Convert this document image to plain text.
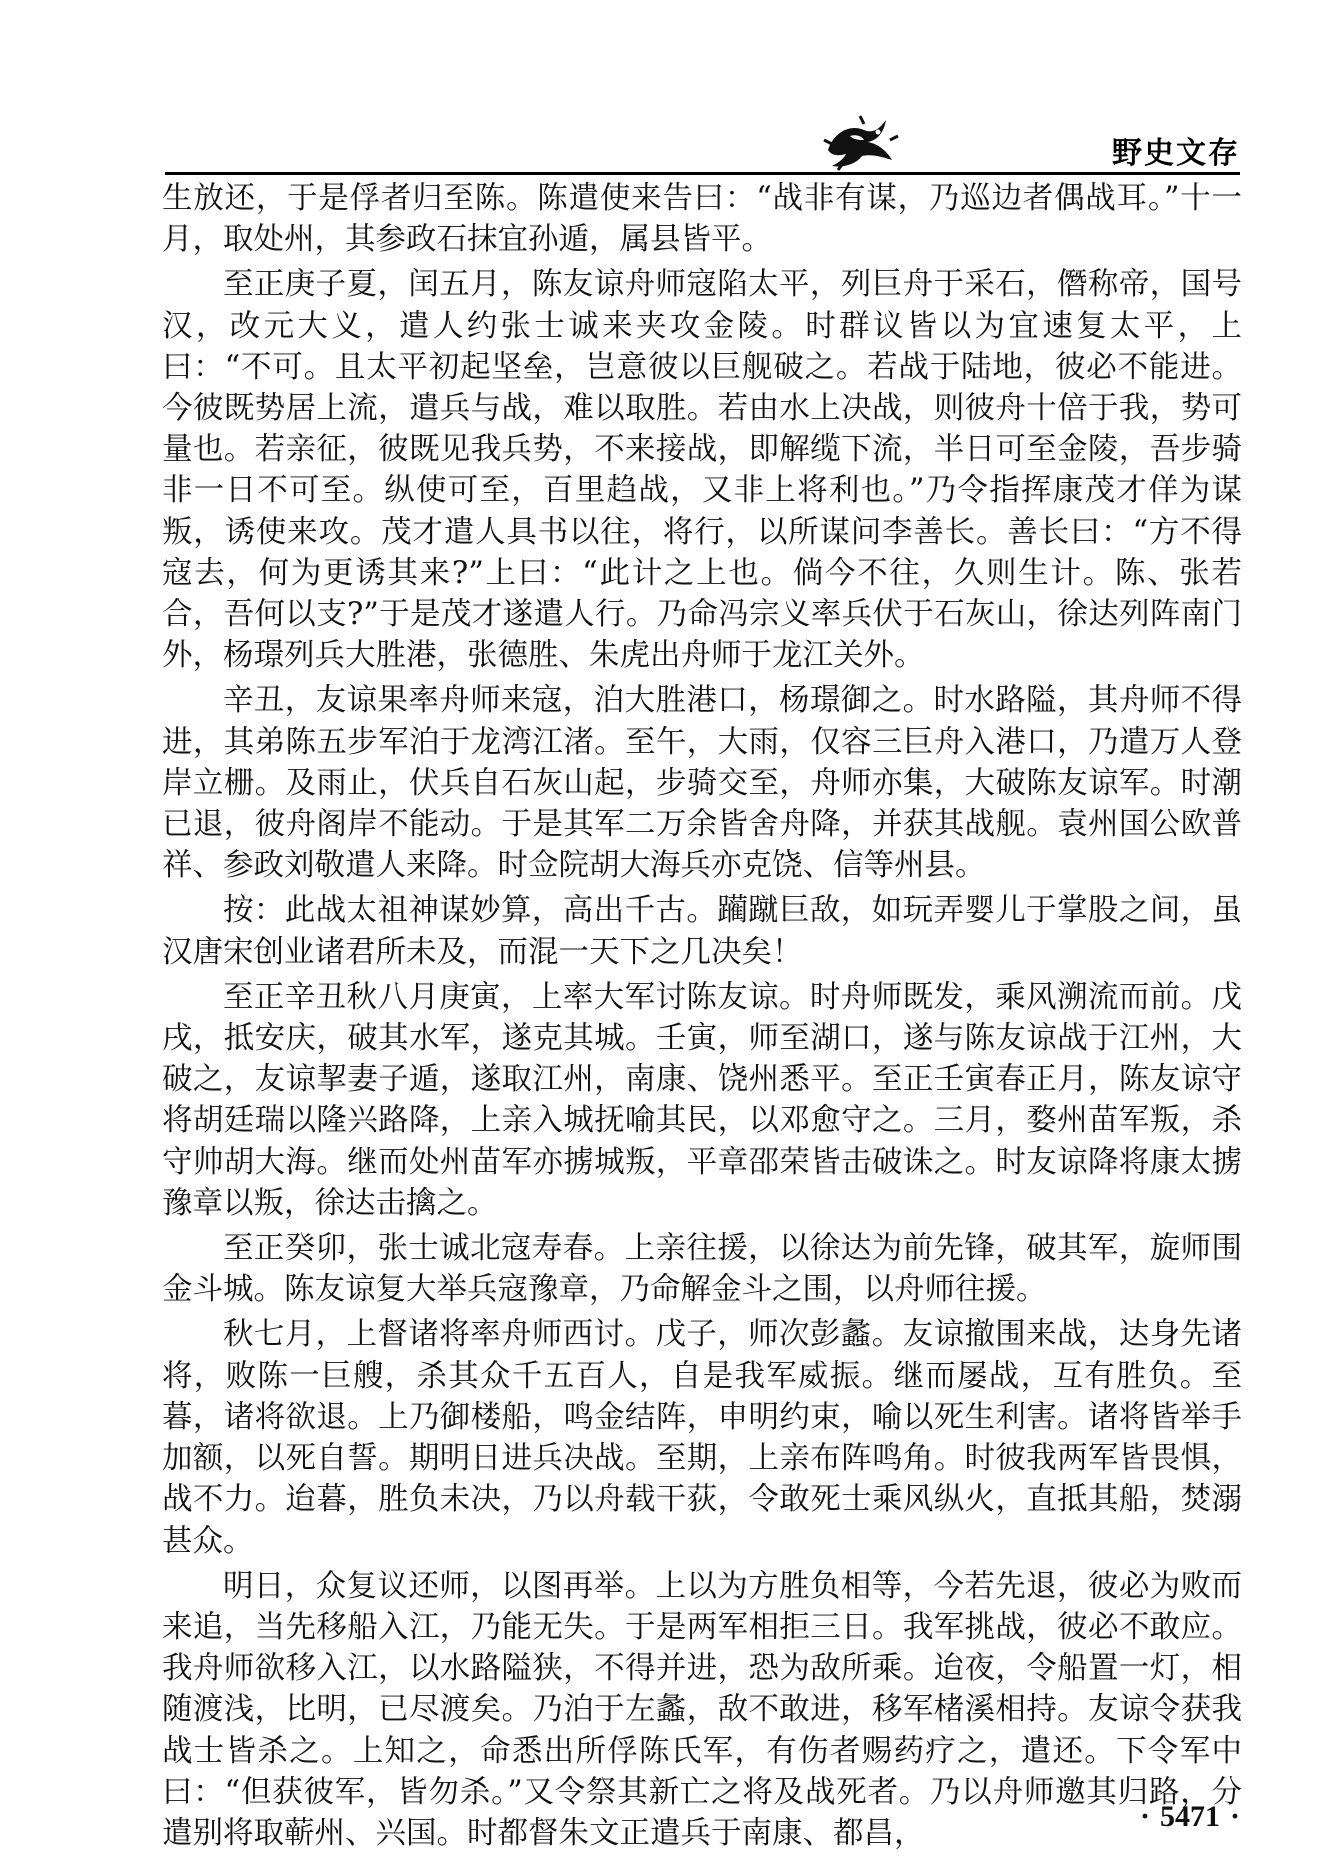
野史文存

生放还，于是俘者归至陈。陈遣使来告曰：“战非有谋，乃巡边者偶战耳。”十一月，取处州，其参政石抹宜孙遁，属县皆平。

至正庚子夏，闰五月，陈友谅舟师寇陷太平，列巨舟于采石，僭称帝，国号汉，改元大义，遣人约张士诚来夹攻金陵。时群议皆以为宜速复太平，上曰：“不可。且太平初起坚垒，岂意彼以巨舰破之。若战于陆地，彼必不能进。今彼既势居上流，遣兵与战，难以取胜。若由水上决战，则彼舟十倍于我，势可量也。若亲征，彼既见我兵势，不来接战，即解缆下流，半日可至金陵，吾步骑非一日不可至。纵使可至，百里趋战，又非上将利也。”乃令指挥康茂才佯为谋叛，诱使来攻。茂才遣人具书以往，将行，以所谋问李善长。善长曰：“方不得寇去，何为更诱其来?”上曰：“此计之上也。倘今不往，久则生计。陈、张若合，吾何以支?”于是茂才遂遣人行。乃命冯宗义率兵伏于石灰山，徐达列阵南门外，杨璟列兵大胜港，张德胜、朱虎出舟师于龙江关外。

辛丑，友谅果率舟师来寇，泊大胜港口，杨璟御之。时水路隘，其舟师不得进，其弟陈五步军泊于龙湾江渚。至午，大雨，仅容三巨舟入港口，乃遣万人登岸立栅。及雨止，伏兵自石灰山起，步骑交至，舟师亦集，大破陈友谅军。时潮已退，彼舟阁岸不能动。于是其军二万余皆舍舟降，并获其战舰。袁州国公欧普祥、参政刘敬遣人来降。时佥院胡大海兵亦克饶、信等州县。

按：此战太祖神谋妙算，高出千古。躏蹴巨敌，如玩弄婴儿于掌股之间，虽汉唐宋创业诸君所未及，而混一天下之几决矣！

至正辛丑秋八月庚寅，上率大军讨陈友谅。时舟师既发，乘风溯流而前。戊戌，抵安庆，破其水军，遂克其城。壬寅，师至湖口，遂与陈友谅战于江州，大破之，友谅挈妻子遁，遂取江州，南康、饶州悉平。至正壬寅春正月，陈友谅守将胡廷瑞以隆兴路降，上亲入城抚喻其民，以邓愈守之。三月，婺州苗军叛，杀守帅胡大海。继而处州苗军亦掳城叛，平章邵荣皆击破诛之。时友谅降将康太掳豫章以叛，徐达击擒之。

至正癸卯，张士诚北寇寿春。上亲往援，以徐达为前先锋，破其军，旋师围金斗城。陈友谅复大举兵寇豫章，乃命解金斗之围，以舟师往援。

秋七月，上督诸将率舟师西讨。戊子，师次彭蠡。友谅撤围来战，达身先诸将，败陈一巨艘，杀其众千五百人，自是我军威振。继而屡战，互有胜负。至暮，诸将欲退。上乃御楼船，鸣金结阵，申明约束，喻以死生利害。诸将皆举手加额，以死自誓。期明日进兵决战。至期，上亲布阵鸣角。时彼我两军皆畏惧，战不力。迨暮，胜负未决，乃以舟载干荻，令敢死士乘风纵火，直抵其船，焚溺甚众。

明日，众复议还师，以图再举。上以为方胜负相等，今若先退，彼必为败而来追，当先移船入江，乃能无失。于是两军相拒三日。我军挑战，彼必不敢应。我舟师欲移入江，以水路隘狭，不得并进，恐为敌所乘。迨夜，令船置一灯，相随渡浅，比明，已尽渡矣。乃泊于左蠡，敌不敢进，移军楮溪相持。友谅令获我战士皆杀之。上知之，命悉出所俘陈氏军，有伤者赐药疗之，遣还。下令军中曰：“但获彼军，皆勿杀。”又令祭其新亡之将及战死者。乃以舟师邀其归路，分遣别将取蕲州、兴国。时都督朱文正遣兵于南康、都昌，	· 5471 ·
